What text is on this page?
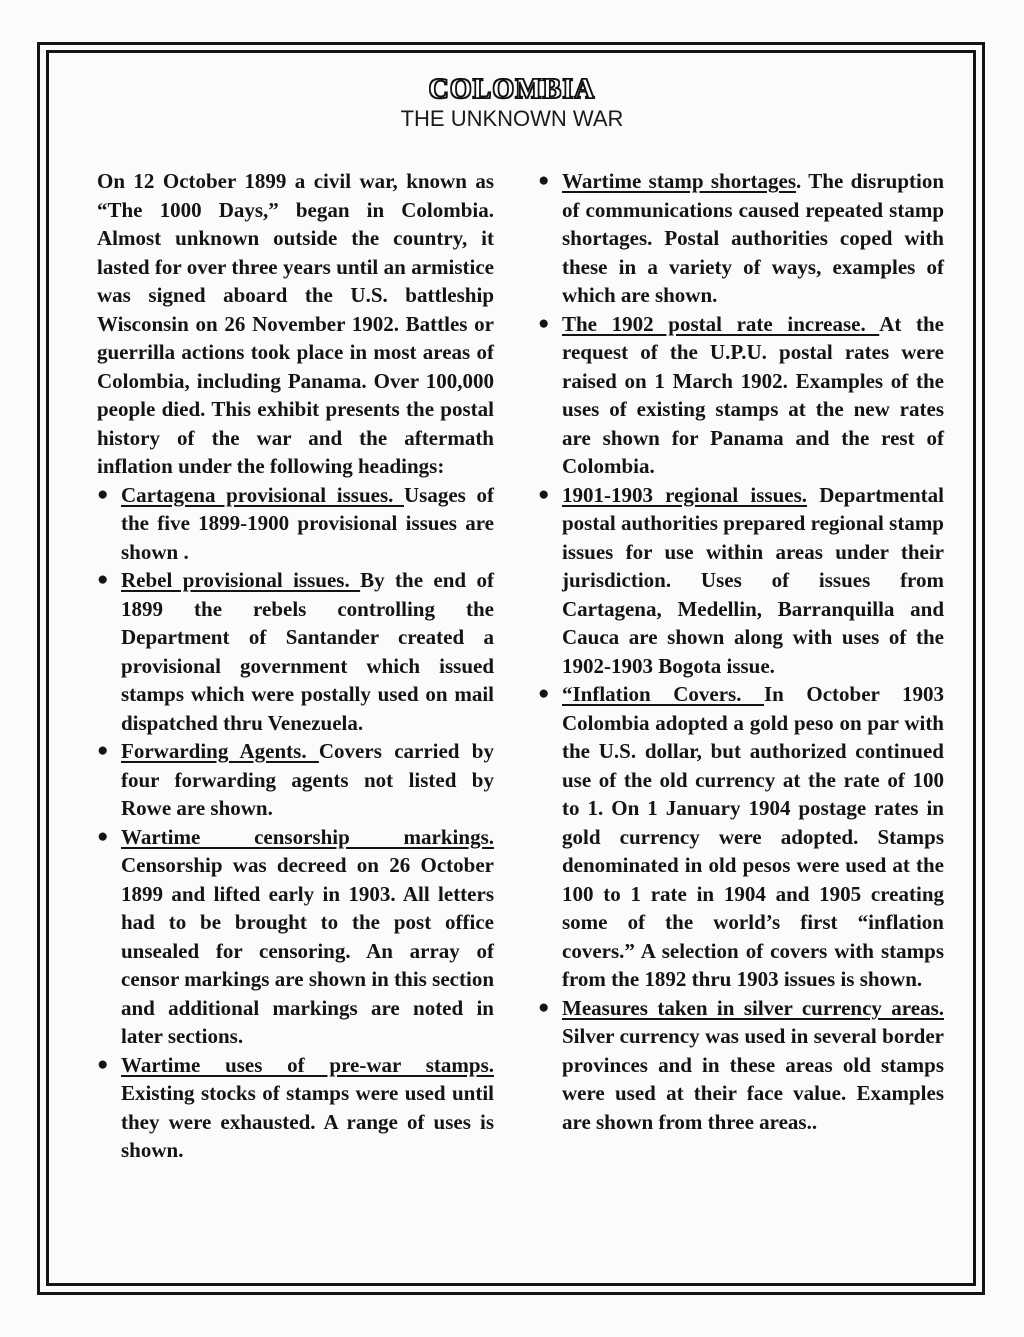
COLOMBIA
THE UNKNOWN WAR

On 12 October 1899 a civil war, known as “The 1000 Days,” began in Colombia. Almost unknown outside the country, it lasted for over three years until an armistice was signed aboard the U.S. battleship Wisconsin on 26 November 1902. Battles or guerrilla actions took place in most areas of Colombia, including Panama. Over 100,000 people died. This exhibit presents the postal history of the war and the aftermath inflation under the following headings:

● Cartagena provisional issues. Usages of the five 1899-1900 provisional issues are shown .
● Rebel provisional issues. By the end of 1899 the rebels controlling the Department of Santander created a provisional government which issued stamps which were postally used on mail dispatched thru Venezuela.
● Forwarding Agents. Covers carried by four forwarding agents not listed by Rowe are shown.
● Wartime censorship markings. Censorship was decreed on 26 October 1899 and lifted early in 1903. All letters had to be brought to the post office unsealed for censoring. An array of censor markings are shown in this section and additional markings are noted in later sections.
● Wartime uses of pre-war stamps. Existing stocks of stamps were used until they were exhausted. A range of uses is shown.
● Wartime stamp shortages. The disruption of communications caused repeated stamp shortages. Postal authorities coped with these in a variety of ways, examples of which are shown.
● The 1902 postal rate increase. At the request of the U.P.U. postal rates were raised on 1 March 1902. Examples of the uses of existing stamps at the new rates are shown for Panama and the rest of Colombia.
● 1901-1903 regional issues. Departmental postal authorities prepared regional stamp issues for use within areas under their jurisdiction. Uses of issues from Cartagena, Medellin, Barranquilla and Cauca are shown along with uses of the 1902-1903 Bogota issue.
● “Inflation Covers. In October 1903 Colombia adopted a gold peso on par with the U.S. dollar, but authorized continued use of the old currency at the rate of 100 to 1. On 1 January 1904 postage rates in gold currency were adopted. Stamps denominated in old pesos were used at the 100 to 1 rate in 1904 and 1905 creating some of the world’s first “inflation covers.” A selection of covers with stamps from the 1892 thru 1903 issues is shown.
● Measures taken in silver currency areas. Silver currency was used in several border provinces and in these areas old stamps were used at their face value. Examples are shown from three areas..
